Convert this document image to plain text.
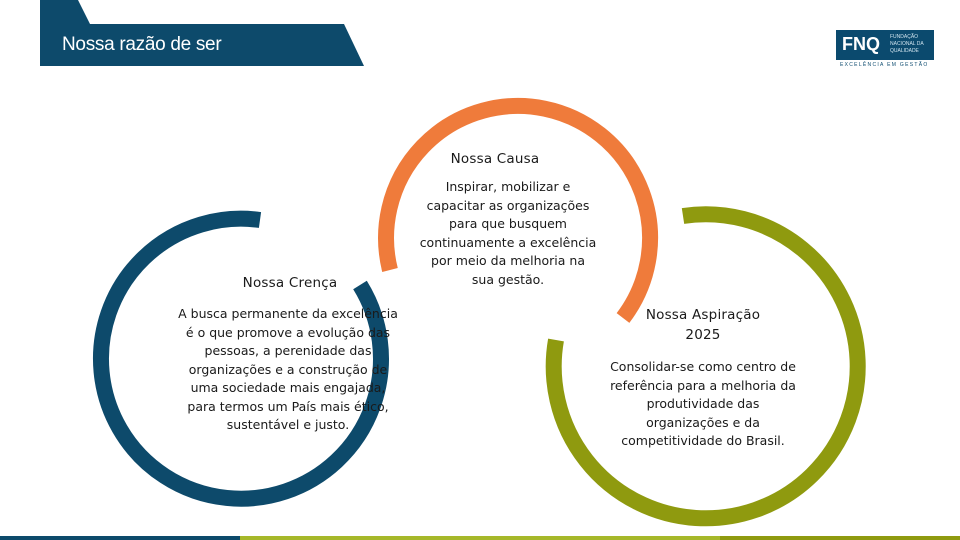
Nossa razão de ser	FNQ FUNDAÇÃO NACIONAL DA QUALIDADE
EXCELÊNCIA EM GESTÃO
Nossa Causa
Inspirar, mobilizar e capacitar as organizações para que busquem continuamente a excelência por meio da melhoria na sua gestão.
Nossa Crença
A busca permanente da excelência é o que promove a evolução das pessoas, a perenidade das organizações e a construção de uma sociedade mais engajada, para termos um País mais ético, sustentável e justo.
Nossa Aspiração 2025
Consolidar-se como centro de referência para a melhoria da produtividade das organizações e da competitividade do Brasil.
